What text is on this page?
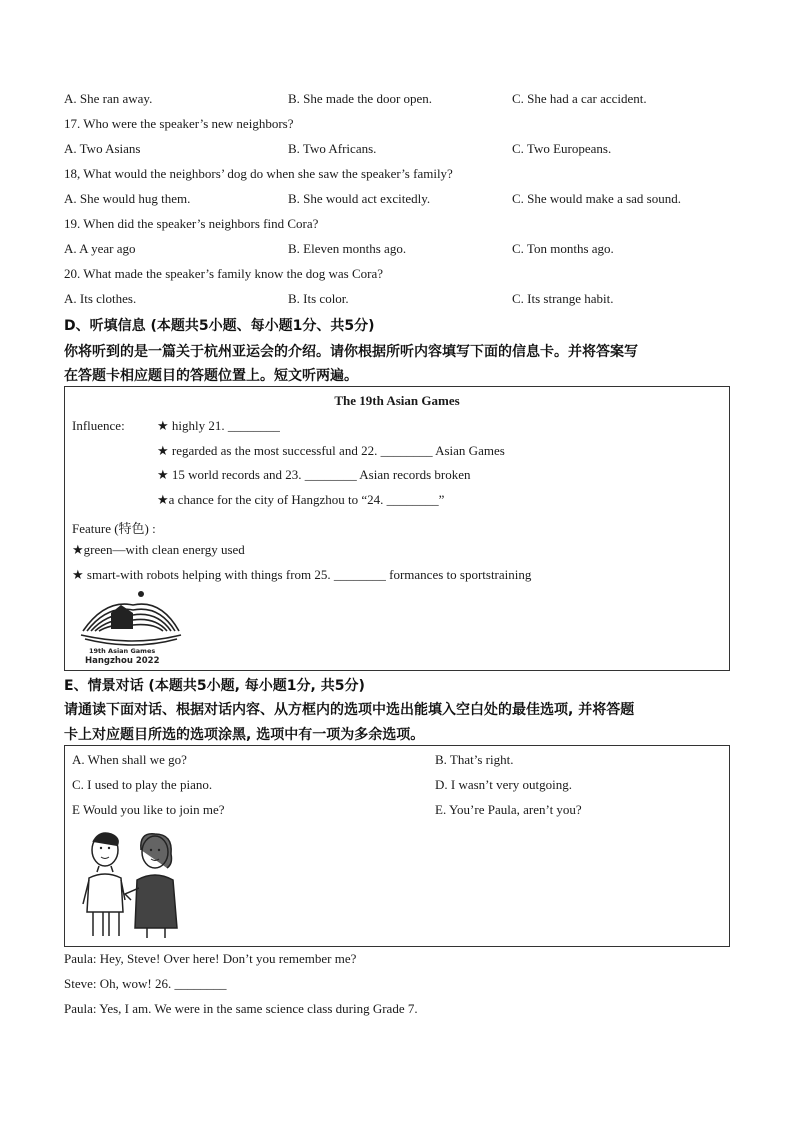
A. She ran away.	B. She made the door open.	C. She had a car accident.
17. Who were the speaker’s new neighbors?
A. Two Asians	B. Two Africans.	C. Two Europeans.
18, What would the neighbors’ dog do when she saw the speaker’s family?
A. She would hug them.	B. She would act excitedly.	C. She would make a sad sound.
19. When did the speaker’s neighbors find Cora?
A. A year ago	B. Eleven months ago.	C. Ton months ago.
20. What made the speaker’s family know the dog was Cora?
A. Its clothes.	B. Its color.	C. Its strange habit.
D、听填信息 (本题共5小题、每小题1分、共5分)
你将听到的是一篇关于杭州亚运会的介绍。请你根据所听内容填写下面的信息卡。并将答案写
在答题卡相应题目的答题位置上。短文听两遍。
The 19th Asian Games
Influence: ★ highly 21. ________
★ regarded as the most successful and 22. ________ Asian Games
★ 15 world records and 23. ________ Asian records broken
★a chance for the city of Hangzhou to “24. ________”
Feature (特色) :
★green—with clean energy used
★ smart-with robots helping with things from 25. ________ formances to sportstraining
19th Asian Games
Hangzhou 2022
E、情景对话 (本题共5小题, 每小题1分, 共5分)
请通读下面对话、根据对话内容、从方框内的选项中选出能填入空白处的最佳选项, 并将答题
卡上对应题目所选的选项涂黑, 选项中有一项为多余选项。
A. When shall we go?	B. That’s right.
C. I used to play the piano.	D. I wasn’t very outgoing.
E Would you like to join me?	E. You’re Paula, aren’t you?
Paula: Hey, Steve! Over here! Don’t you remember me?
Steve: Oh, wow! 26. ________
Paula: Yes, I am. We were in the same science class during Grade 7.
